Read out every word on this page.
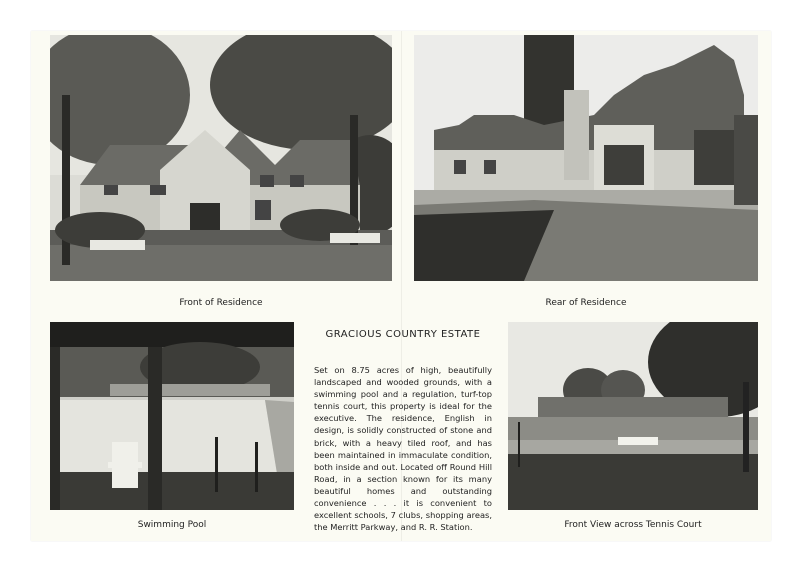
Front of Residence	Rear of Residence
Swimming Pool	Front View across Tennis Court
GRACIOUS COUNTRY ESTATE
Set on 8.75 acres of high, beautifully landscaped and wooded grounds, with a swimming pool and a regulation, turf-top tennis court, this property is ideal for the executive. The residence, English in design, is solidly constructed of stone and brick, with a heavy tiled roof, and has been maintained in immaculate condition, both inside and out. Located off Round Hill Road, in a section known for its many beautiful homes and outstanding convenience . . . it is convenient to excellent schools, 7 clubs, shopping areas, the Merritt Parkway, and R. R. Station.
